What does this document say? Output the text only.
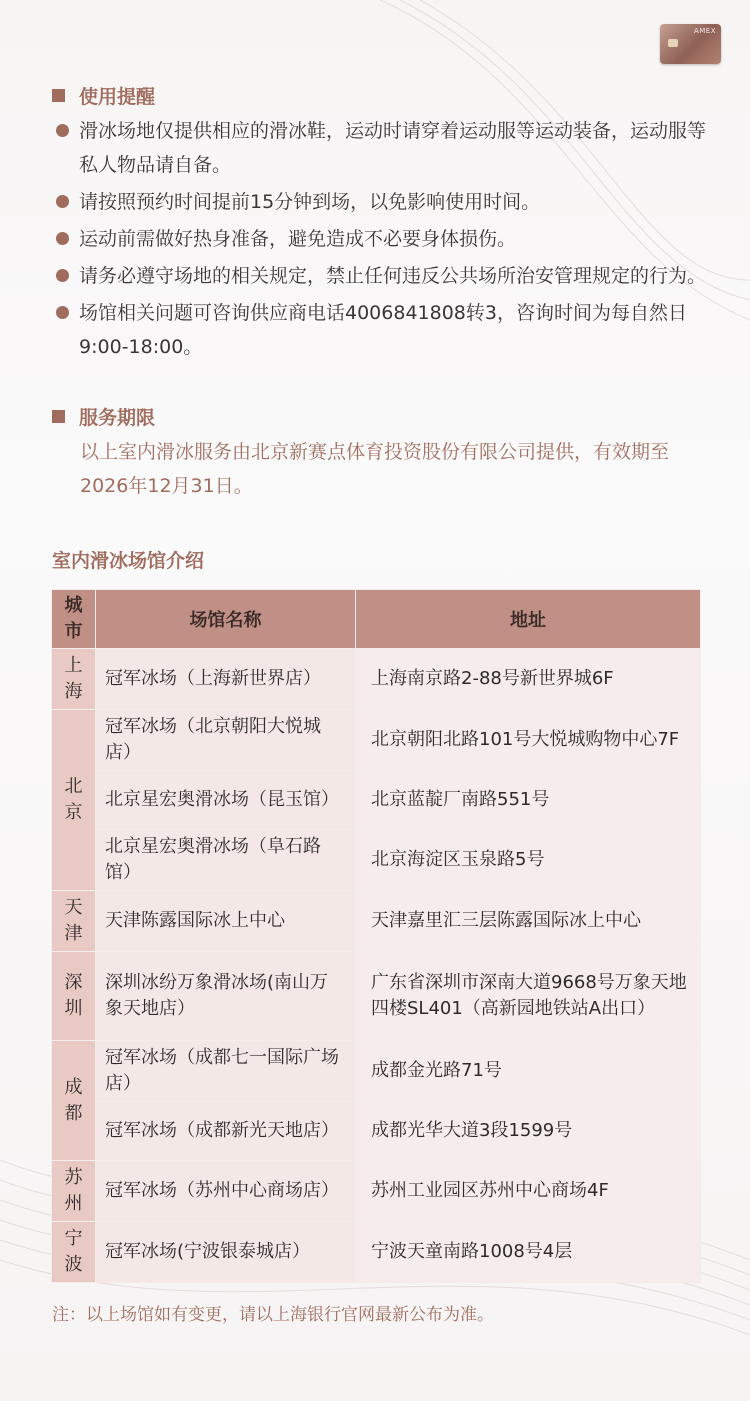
AMEX
使用提醒
滑冰场地仅提供相应的滑冰鞋，运动时请穿着运动服等运动装备，运动服等私人物品请自备。
请按照预约时间提前15分钟到场，以免影响使用时间。
运动前需做好热身准备，避免造成不必要身体损伤。
请务必遵守场地的相关规定，禁止任何违反公共场所治安管理规定的行为。
场馆相关问题可咨询供应商电话4006841808转3，咨询时间为每自然日9:00-18:00。
服务期限
以上室内滑冰服务由北京新赛点体育投资股份有限公司提供，有效期至2026年12月31日。
室内滑冰场馆介绍
城市	场馆名称	地址
上海	冠军冰场（上海新世界店）	上海南京路2-88号新世界城6F
北京	冠军冰场（北京朝阳大悦城店）	北京朝阳北路101号大悦城购物中心7F
	北京星宏奥滑冰场（昆玉馆）	北京蓝靛厂南路551号
	北京星宏奥滑冰场（阜石路馆）	北京海淀区玉泉路5号
天津	天津陈露国际冰上中心	天津嘉里汇三层陈露国际冰上中心
深圳	深圳冰纷万象滑冰场(南山万象天地店）	广东省深圳市深南大道9668号万象天地四楼SL401（高新园地铁站A出口）
成都	冠军冰场（成都七一国际广场店）	成都金光路71号
	冠军冰场（成都新光天地店）	成都光华大道3段1599号
苏州	冠军冰场（苏州中心商场店）	苏州工业园区苏州中心商场4F
宁波	冠军冰场(宁波银泰城店）	宁波天童南路1008号4层
注：以上场馆如有变更，请以上海银行官网最新公布为准。
